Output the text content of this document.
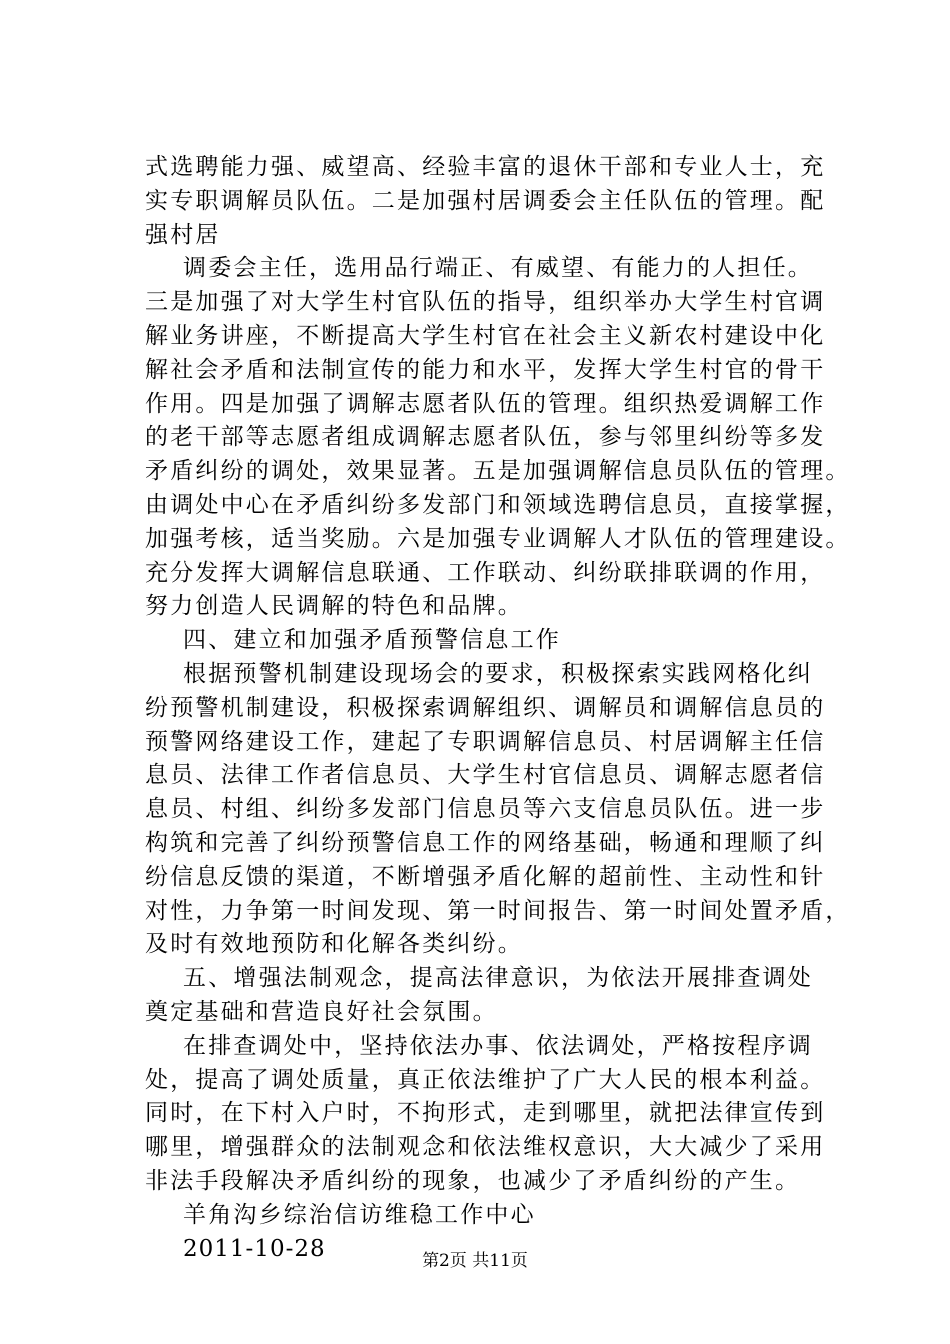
式选聘能力强、威望高、经验丰富的退休干部和专业人士，充
实专职调解员队伍。二是加强村居调委会主任队伍的管理。配
强村居
调委会主任，选用品行端正、有威望、有能力的人担任。
三是加强了对大学生村官队伍的指导，组织举办大学生村官调
解业务讲座，不断提高大学生村官在社会主义新农村建设中化
解社会矛盾和法制宣传的能力和水平，发挥大学生村官的骨干
作用。四是加强了调解志愿者队伍的管理。组织热爱调解工作
的老干部等志愿者组成调解志愿者队伍，参与邻里纠纷等多发
矛盾纠纷的调处，效果显著。五是加强调解信息员队伍的管理。
由调处中心在矛盾纠纷多发部门和领域选聘信息员，直接掌握，
加强考核，适当奖励。六是加强专业调解人才队伍的管理建设。
充分发挥大调解信息联通、工作联动、纠纷联排联调的作用，
努力创造人民调解的特色和品牌。
四、建立和加强矛盾预警信息工作
根据预警机制建设现场会的要求，积极探索实践网格化纠
纷预警机制建设，积极探索调解组织、调解员和调解信息员的
预警网络建设工作，建起了专职调解信息员、村居调解主任信
息员、法律工作者信息员、大学生村官信息员、调解志愿者信
息员、村组、纠纷多发部门信息员等六支信息员队伍。进一步
构筑和完善了纠纷预警信息工作的网络基础，畅通和理顺了纠
纷信息反馈的渠道，不断增强矛盾化解的超前性、主动性和针
对性，力争第一时间发现、第一时间报告、第一时间处置矛盾，
及时有效地预防和化解各类纠纷。
五、增强法制观念，提高法律意识，为依法开展排查调处
奠定基础和营造良好社会氛围。
在排查调处中，坚持依法办事、依法调处，严格按程序调
处，提高了调处质量，真正依法维护了广大人民的根本利益。
同时，在下村入户时，不拘形式，走到哪里，就把法律宣传到
哪里，增强群众的法制观念和依法维权意识，大大减少了采用
非法手段解决矛盾纠纷的现象，也减少了矛盾纠纷的产生。
羊角沟乡综治信访维稳工作中心
2011-10-28	第2页 共11页
